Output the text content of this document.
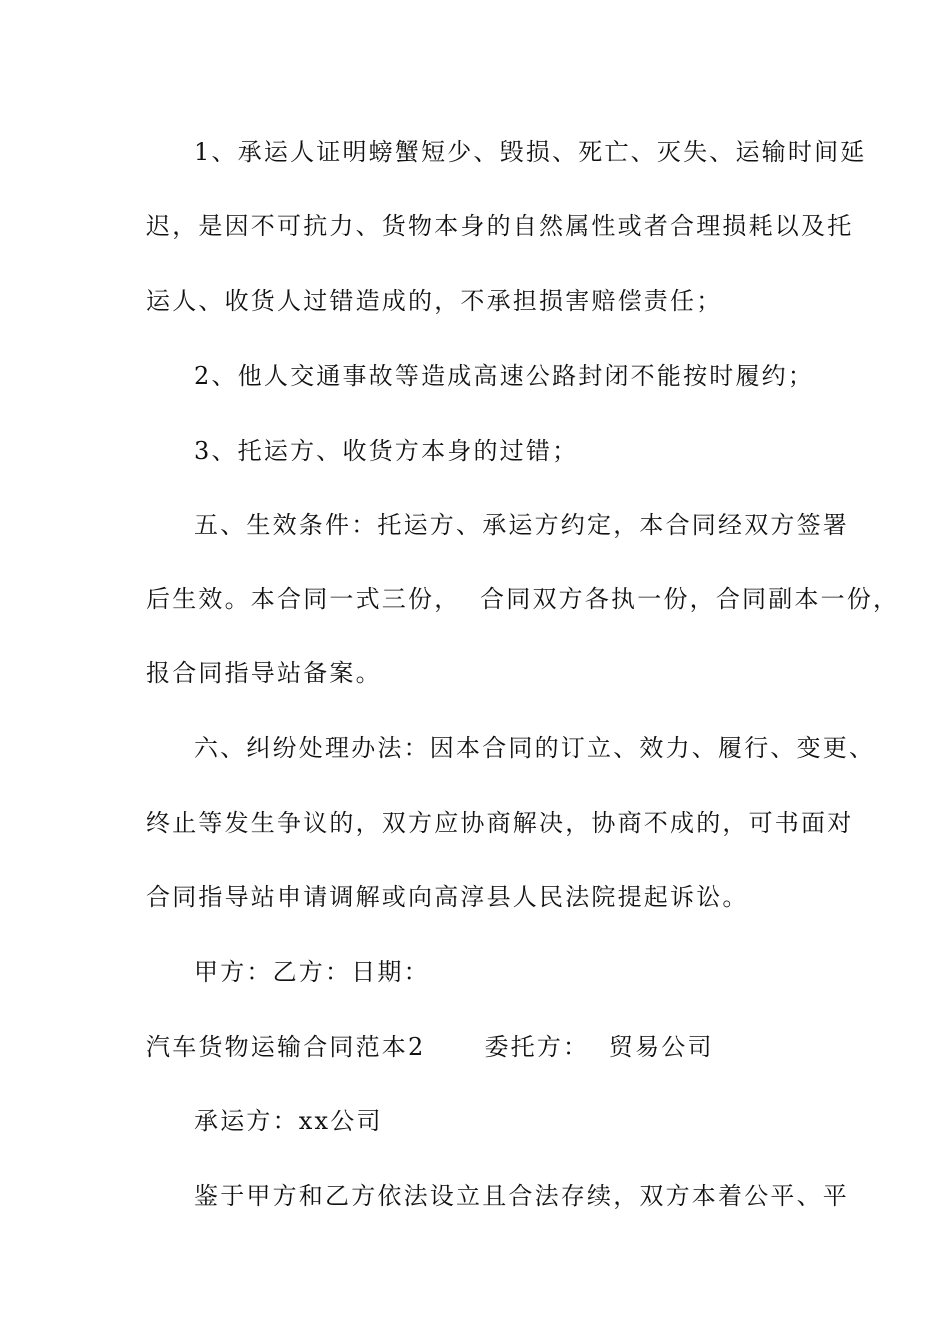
1、承运人证明螃蟹短少、毁损、死亡、灭失、运输时间延
迟，是因不可抗力、货物本身的自然属性或者合理损耗以及托
运人、收货人过错造成的，不承担损害赔偿责任；
2、他人交通事故等造成高速公路封闭不能按时履约；
3、托运方、收货方本身的过错；
五、生效条件：托运方、承运方约定，本合同经双方签署
后生效。本合同一式三份，  合同双方各执一份，合同副本一份，
报合同指导站备案。
六、纠纷处理办法：因本合同的订立、效力、履行、变更、
终止等发生争议的，双方应协商解决，协商不成的，可书面对
合同指导站申请调解或向高淳县人民法院提起诉讼。
甲方：乙方：日期：
汽车货物运输合同范本2      委托方：  贸易公司
承运方：xx公司
鉴于甲方和乙方依法设立且合法存续，双方本着公平、平
